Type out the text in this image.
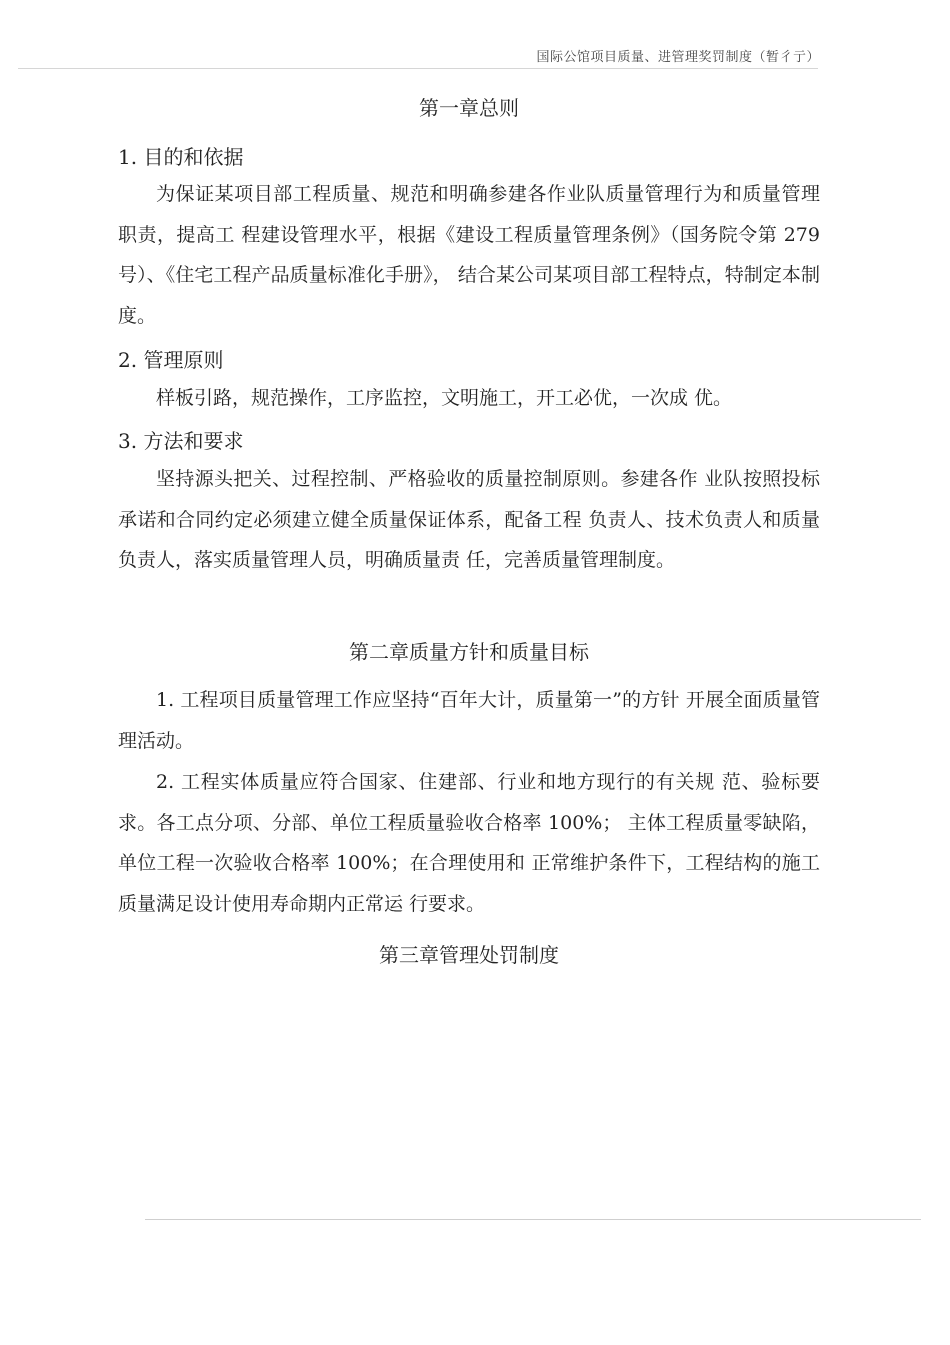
国际公馆项目质量、进管理奖罚制度（暂彳亍）
第一章总则
1. 目的和依据

为保证某项目部工程质量、规范和明确参建各作业队质量管理行为和质量管理职责，提高工 程建设管理水平，根据《建设工程质量管理条例》（国务院令第 279 号）、《住宅工程产品质量标准化手册》， 结合某公司某项目部工程特点，特制定本制度。

2. 管理原则

样板引路，规范操作，工序监控，文明施工，开工必优，一次成 优。

3. 方法和要求

坚持源头把关、过程控制、严格验收的质量控制原则。参建各作 业队按照投标承诺和合同约定必须建立健全质量保证体系，配备工程 负责人、技术负责人和质量负责人，落实质量管理人员，明确质量责 任，完善质量管理制度。

第二章质量方针和质量目标

1. 工程项目质量管理工作应坚持“百年大计，质量第一”的方针 开展全面质量管理活动。

2. 工程实体质量应符合国家、住建部、行业和地方现行的有关规 范、验标要求。各工点分项、分部、单位工程质量验收合格率 100%； 主体工程质量零缺陷，单位工程一次验收合格率 100%；在合理使用和 正常维护条件下，工程结构的施工质量满足设计使用寿命期内正常运 行要求。

第三章管理处罚制度
